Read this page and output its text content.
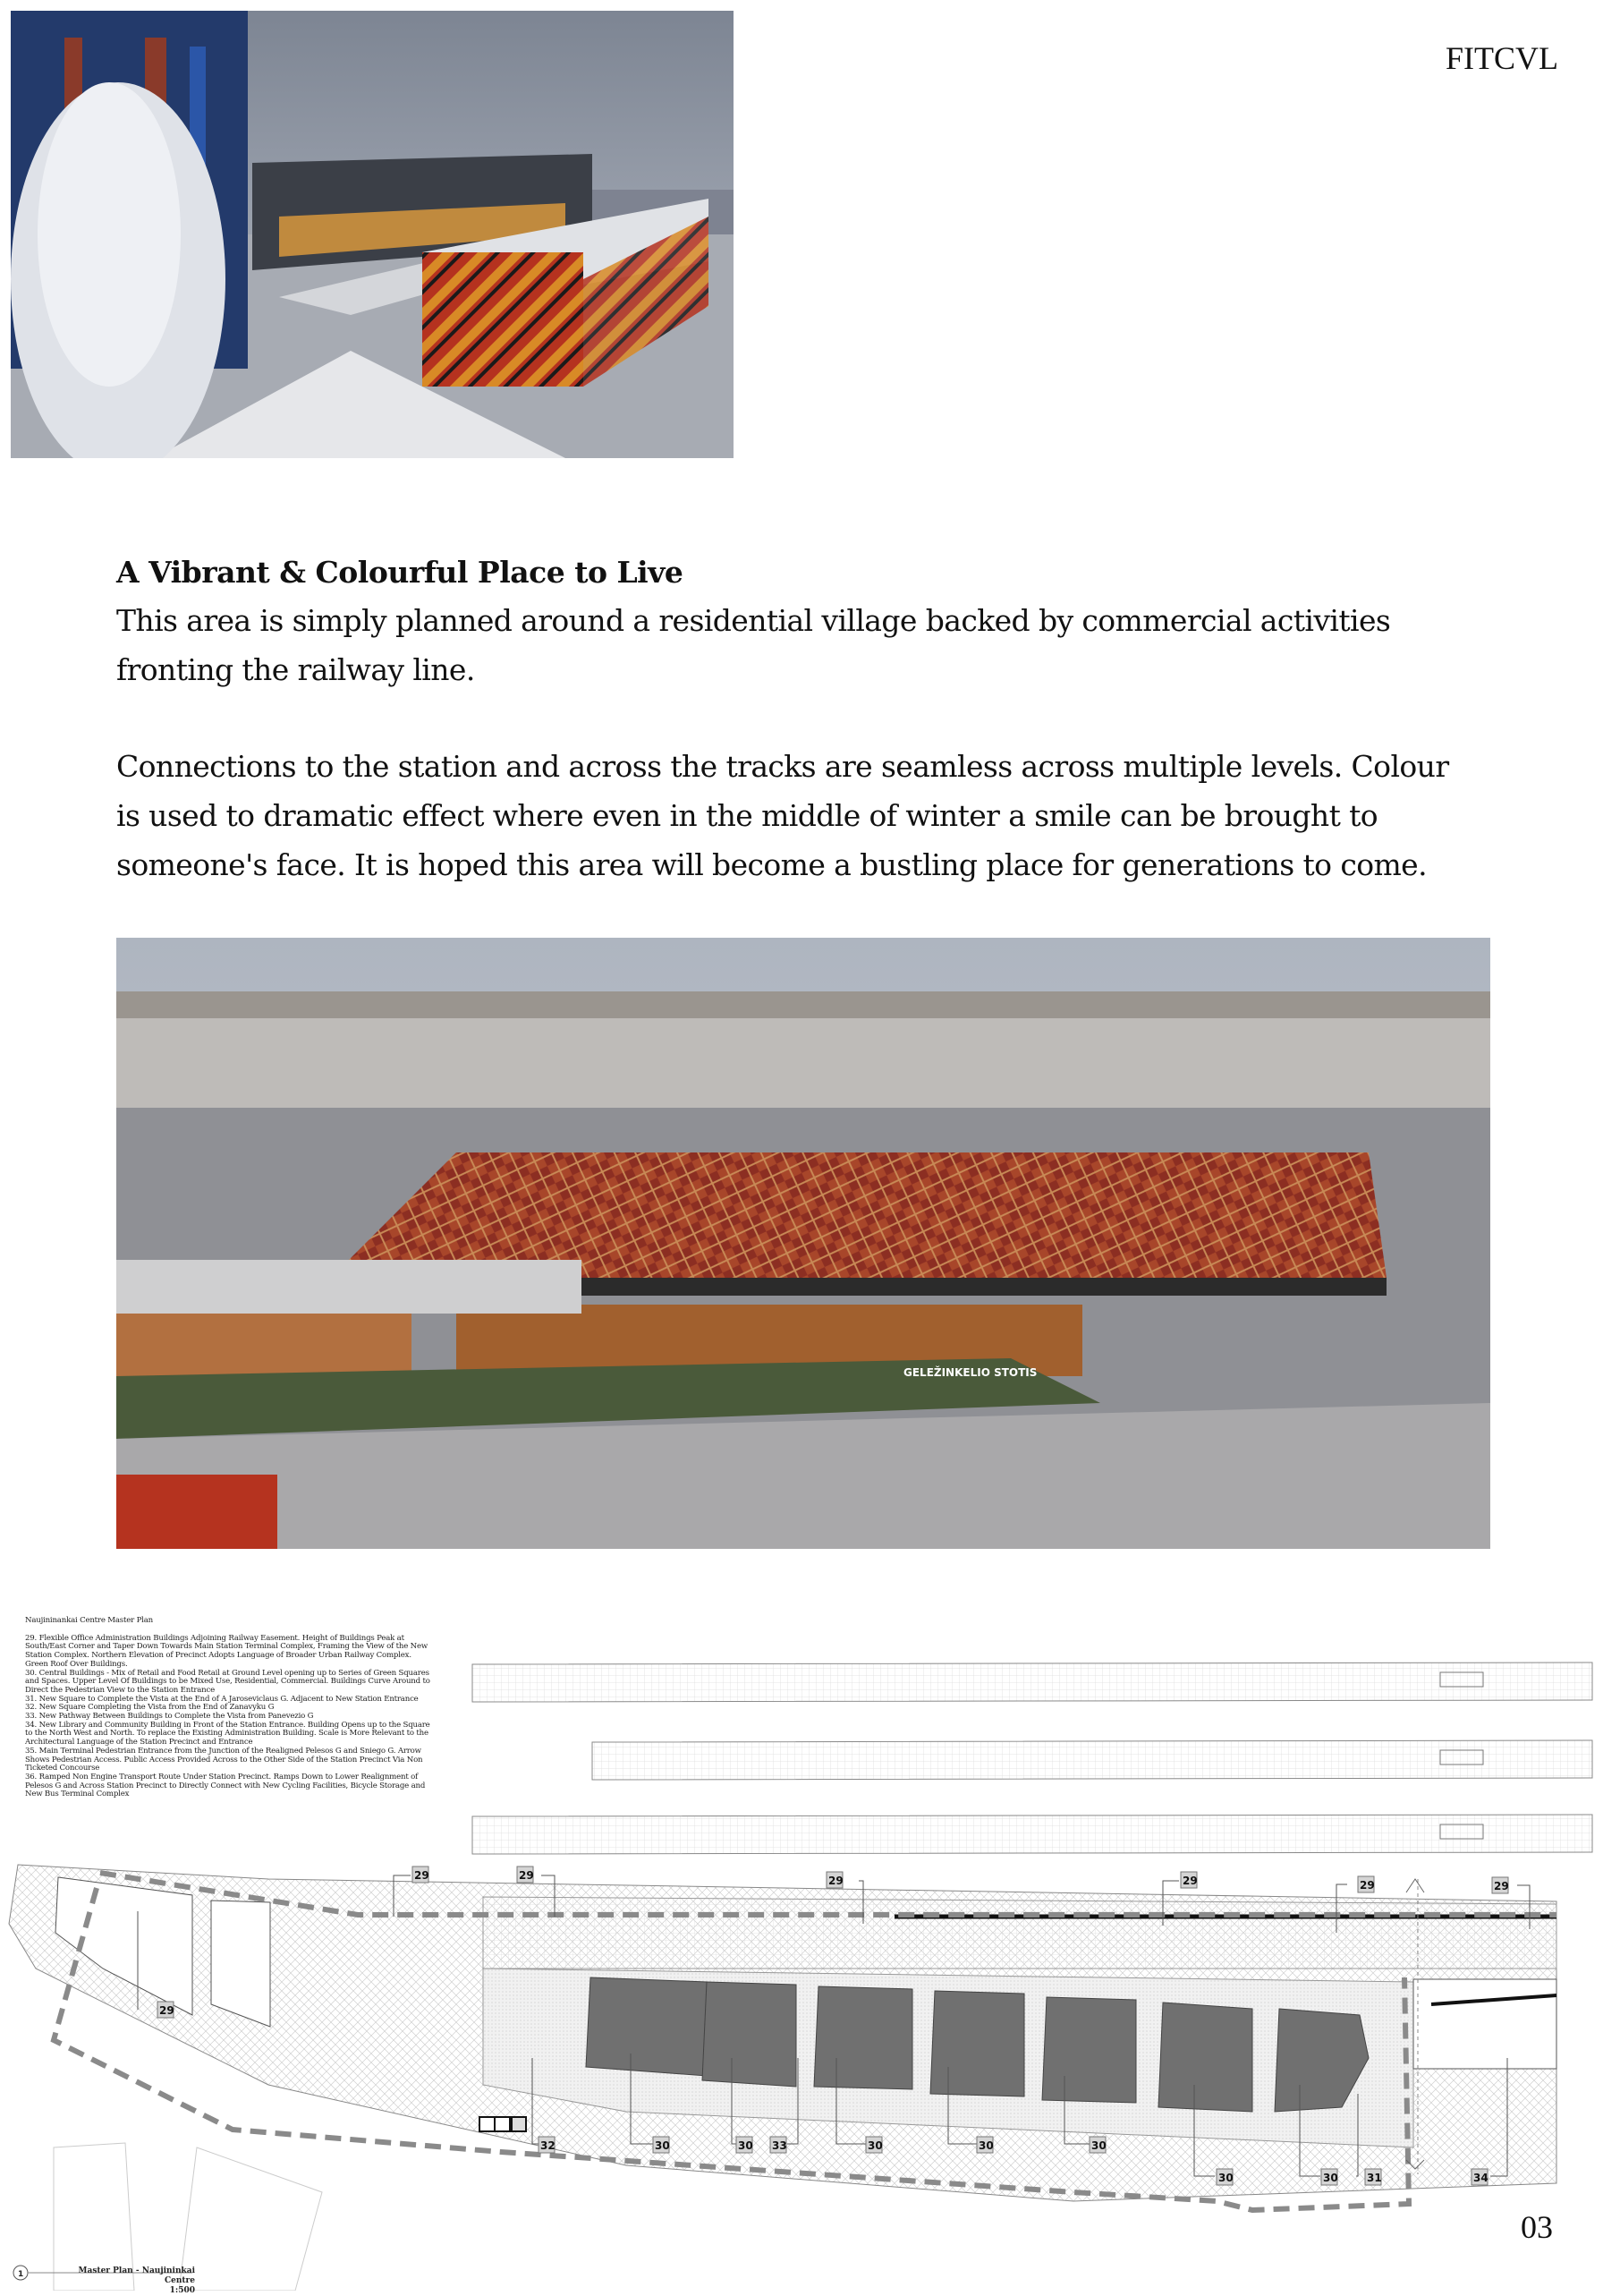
FITCVL
A Vibrant & Colourful Place to Live

This area is simply planned around a residential village backed by commercial activities fronting the railway line.

Connections to the station and across the tracks are seamless across multiple levels. Colour is used to dramatic effect where even in the middle of winter a smile can be brought to someone's face. It is hoped this area will become a bustling place for generations to come.

GELEŽINKELIO STOTIS
Naujininankai Centre Master Plan
29. Flexible Office Administration Buildings Adjoining Railway Easement. Height of Buildings Peak at South/East Corner and Taper Down Towards Main Station Terminal Complex, Framing the View of the New Station Complex. Northern Elevation of Precinct Adopts Language of Broader Urban Railway Complex. Green Roof Over Buildings.
30. Central Buildings - Mix of Retail and Food Retail at Ground Level opening up to Series of Green Squares and Spaces. Upper Level Of Buildings to be Mixed Use, Residential, Commercial. Buildings Curve Around to Direct the Pedestrian View to the Station Entrance
31. New Square to Complete the Vista at the End of A Jaroseviclaus G. Adjacent to New Station Entrance
32. New Square Completing the Vista from the End of Zanavyku G
33. New Pathway Between Buildings to Complete the Vista from Panevezio G
34. New Library and Community Building in Front of the Station Entrance. Building Opens up to the Square to the North West and North. To replace the Existing Administration Building. Scale is More Relevant to the Architectural Language of the Station Precinct and Entrance
35. Main Terminal Pedestrian Entrance from the Junction of the Realigned Pelesos G and Sniego G. Arrow Shows Pedestrian Access. Public Access Provided Across to the Other Side of the Station Precinct Via Non Ticketed Concourse
36. Ramped Non Engine Transport Route Under Station Precinct. Ramps Down to Lower Realignment of Pelesos G and Across Station Precinct to Directly Connect with New Cycling Facilities, Bicycle Storage and New Bus Terminal Complex
29	29	29	29	29	29
29
32	30	30 33	30	30	30
30	30	31	34
1	Master Plan - Naujininkai Centre
1:500
03
